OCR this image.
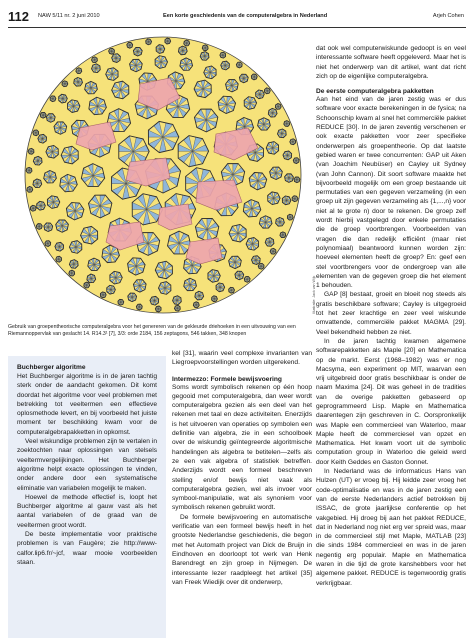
112 NAW 5/11 nr. 2 juni 2010	Een korte geschiedenis van de computeralgebra in Nederland	Arjeh Cohen
Illustratie: Jack van Wijk

Gebruik van groepentheorische computeralgebra voor het genereren van de gekleurde driehoeken in een uitvouwing van een Riemannoppervlak van geslacht 14. R14.3¹ [7], 3/3: orde 2184, 156 zeptagons, 546 takken, 348 knopen

Buchberger algoritme

Het Buchberger algoritme is in de jaren tachtig sterk onder de aandacht gekomen. Dit komt doordat het algoritme voor veel problemen met betrekking tot veeltermen een effectieve oplosmethode levert, en bij voorbeeld het juiste moment ter beschikking kwam voor de computeralgebrapakketten in opkomst.

Veel wiskundige problemen zijn te vertalen in zoektochten naar oplossingen van stelsels veeltermvergelijkingen. Het Buchberger algoritme helpt exacte oplossingen te vinden, onder andere door een systematische eliminatie van variabelen mogelijk te maken.

Hoewel de methode effectief is, loopt het Buchberger algoritme al gauw vast als het aantal variabelen of de graad van de veeltermen groot wordt.

De beste implementatie voor praktische problemen is van Faugère; zie http://www-calfor.lip6.fr/~jcf, waar mooie voorbeelden staan.

kel [31], waarin veel complexe invarianten van Liegroepvoorstellingen worden uitgerekend.

Intermezzo: Formele bewijsvoering

Soms wordt symbolisch rekenen op één hoop gegooid met computeralgebra, dan weer wordt computeralgebra gezien als een deel van het rekenen met taal en deze activiteiten. Enerzijds is het uitvoeren van operaties op symbolen een definitie van algebra, zie in een schoolboek over de wiskundig geïntegreerde algoritmische handelingen als algebra te betitelen—zelfs als ze een vak algebra of statistiek betreffen. Anderzijds wordt een formeel beschreven stelling en/of bewijs niet vaak als computeralgebra gezien, wel als invoer voor symbool-manipulatie, wat als synoniem voor symbolisch rekenen gebruikt wordt.

De formele bewijsvoering en automatische verificatie van een formeel bewijs heeft in het grootste Nederlandse geschiedenis, die begon met het Automath project van Dick de Bruijn in Eindhoven en doorloopt tot werk van Henk Barendregt en zijn groep in Nijmegen. De interessante lezer raadpleegt het artikel [35] van Freek Wiedijk over dit onderwerp,

dat ook wel computerwiskunde gedoopt is en veel interessante software heeft opgeleverd. Maar het is niet het onderwerp van dit artikel, want dat richt zich op de eigenlijke computeralgebra.

De eerste computeralgebra pakketten

Aan het eind van de jaren zestig was er dus software voor exacte berekeningen in de fysica; na Schoonschip kwam al snel het commerciële pakket REDUCE [30]. In de jaren zeventig verschenen er ook exacte pakketten voor zeer specifieke onderwerpen als groepentheorie. Op dat laatste gebied waren er twee concurrenten: GAP uit Aken (van Joachim Neubüser) en Cayley uit Sydney (van John Cannon). Dit soort software maakte het bijvoorbeeld mogelijk om een groep bestaande uit permutaties van een gegeven verzameling (in een groep uit zijn gegeven verzameling als {1,...,n} voor niet al te grote n) door te rekenen. De groep zelf wordt hierbij vastgelegd door enkele permutaties die de groep voortbrengen. Voorbeelden van vragen die dan redelijk efficiënt (maar niet polynomiaal) beantwoord kunnen worden zijn: hoeveel elementen heeft de groep? En: geef een stel voortbrengers voor de ondergroep van alle elementen van de gegeven groep die het element 1 behouden.

GAP [8] bestaat, groeit en bloeit nog steeds als gratis beschikbare software; Cayley is uitgegroeid tot het zeer krachtige en zeer veel wiskunde omvattende, commerciële pakket MAGMA [29]. Veel bekendheid hebben ze niet.

In de jaren tachtig kwamen algemene softwarepakketten als Maple [20] en Mathematica op de markt. Eerst (1968–1982) was er nog Macsyma, een experiment op MIT, waarvan een vrij uitgebreid door gratis beschikbaar is onder de naam Maxima [24]. Dit was geheel in de tradities van de overige pakketten gebaseerd op geprogrammeerd Lisp. Maple en Mathematica daarentegen zijn geschreven in C. Oorspronkelijk was Maple een commercieel van Waterloo, maar Maple heeft de commerciesel van opzet en Mathematica. Het kwam voort uit de symbolic computation group in Waterloo die geleid werd door Keith Geddes en Gaston Gonnet.

In Nederland was de informaticus Hans van Hulzen (UT) er vroeg bij. Hij leidde zeer vroeg het code-optimalisatie en was in de jaren zestig een van de eerste Nederlanders actief betrokken bij ISSAC, de grote jaarlijkse conferentie op het vakgebied. Hij droeg bij aan het pakket REDUCE, dat in Nederland nog niet erg ver spreid was, maar in de commercieel stijl met Maple, MATLAB [23] die sinds 1984 commercieel en was in de jaren negentig erg populair. Maple en Mathematica waren in die tijd de grote kanshebbers voor het algemene pakket. REDUCE is tegenwoordig gratis verkrijgbaar.
